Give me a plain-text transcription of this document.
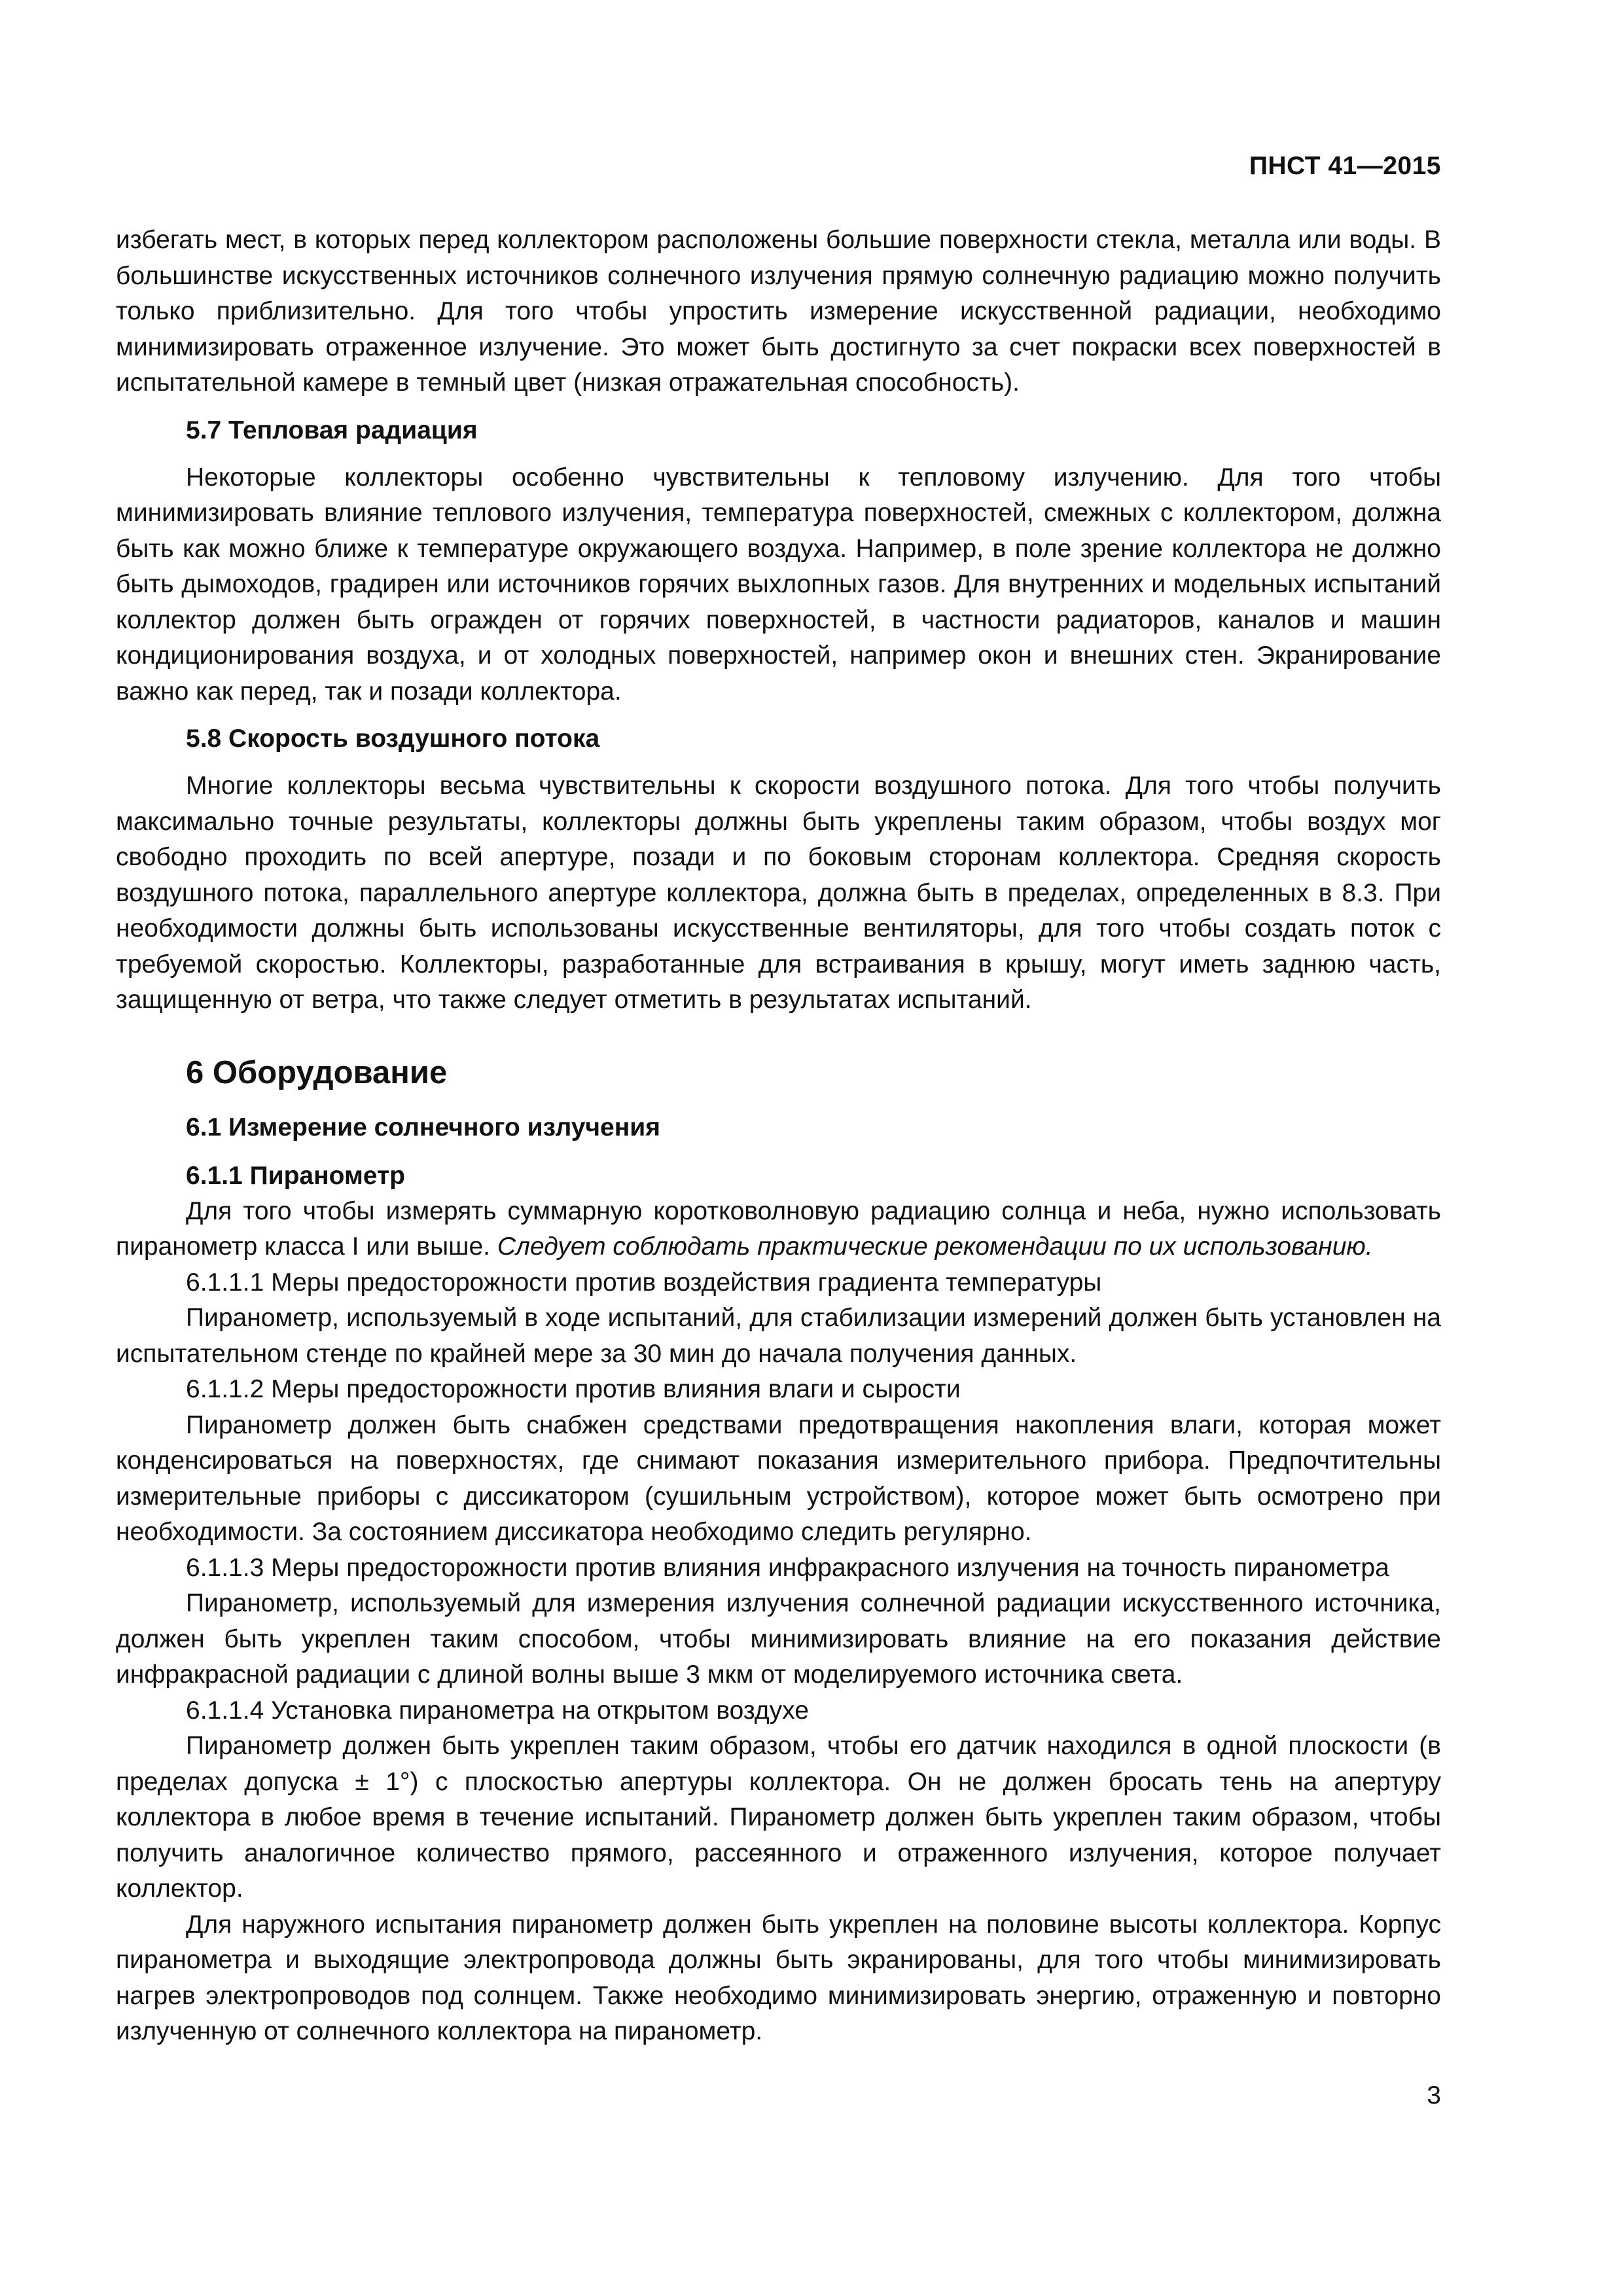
ПНСТ 41—2015

избегать мест, в которых перед коллектором расположены большие поверхности стекла, металла или воды. В большинстве искусственных источников солнечного излучения прямую солнечную радиацию можно получить только приблизительно. Для того чтобы упростить измерение искусственной радиации, необходимо минимизировать отраженное излучение. Это может быть достигнуто за счет покраски всех поверхностей в испытательной камере в темный цвет (низкая отражательная способность).

5.7 Тепловая радиация

Некоторые коллекторы особенно чувствительны к тепловому излучению. Для того чтобы минимизировать влияние теплового излучения, температура поверхностей, смежных с коллектором, должна быть как можно ближе к температуре окружающего воздуха. Например, в поле зрение коллектора не должно быть дымоходов, градирен или источников горячих выхлопных газов. Для внутренних и модельных испытаний коллектор должен быть огражден от горячих поверхностей, в частности радиаторов, каналов и машин кондиционирования воздуха, и от холодных поверхностей, например окон и внешних стен. Экранирование важно как перед, так и позади коллектора.

5.8 Скорость воздушного потока

Многие коллекторы весьма чувствительны к скорости воздушного потока. Для того чтобы получить максимально точные результаты, коллекторы должны быть укреплены таким образом, чтобы воздух мог свободно проходить по всей апертуре, позади и по боковым сторонам коллектора. Средняя скорость воздушного потока, параллельного апертуре коллектора, должна быть в пределах, определенных в 8.3. При необходимости должны быть использованы искусственные вентиляторы, для того чтобы создать поток с требуемой скоростью. Коллекторы, разработанные для встраивания в крышу, могут иметь заднюю часть, защищенную от ветра, что также следует отметить в результатах испытаний.

6 Оборудование
6.1 Измерение солнечного излучения
6.1.1 Пиранометр

Для того чтобы измерять суммарную коротковолновую радиацию солнца и неба, нужно использовать пиранометр класса I или выше. Следует соблюдать практические рекомендации по их использованию.

6.1.1.1 Меры предосторожности против воздействия градиента температуры

Пиранометр, используемый в ходе испытаний, для стабилизации измерений должен быть установлен на испытательном стенде по крайней мере за 30 мин до начала получения данных.

6.1.1.2 Меры предосторожности против влияния влаги и сырости

Пиранометр должен быть снабжен средствами предотвращения накопления влаги, которая может конденсироваться на поверхностях, где снимают показания измерительного прибора. Предпочтительны измерительные приборы с диссикатором (сушильным устройством), которое может быть осмотрено при необходимости. За состоянием диссикатора необходимо следить регулярно.

6.1.1.3 Меры предосторожности против влияния инфракрасного излучения на точность пиранометра

Пиранометр, используемый для измерения излучения солнечной радиации искусственного источника, должен быть укреплен таким способом, чтобы минимизировать влияние на его показания действие инфракрасной радиации с длиной волны выше 3 мкм от моделируемого источника света.

6.1.1.4 Установка пиранометра на открытом воздухе

Пиранометр должен быть укреплен таким образом, чтобы его датчик находился в одной плоскости (в пределах допуска ± 1°) с плоскостью апертуры коллектора. Он не должен бросать тень на апертуру коллектора в любое время в течение испытаний. Пиранометр должен быть укреплен таким образом, чтобы получить аналогичное количество прямого, рассеянного и отраженного излучения, которое получает коллектор.

Для наружного испытания пиранометр должен быть укреплен на половине высоты коллектора. Корпус пиранометра и выходящие электропровода должны быть экранированы, для того чтобы минимизировать нагрев электропроводов под солнцем. Также необходимо минимизировать энергию, отраженную и повторно излученную от солнечного коллектора на пиранометр.

3
